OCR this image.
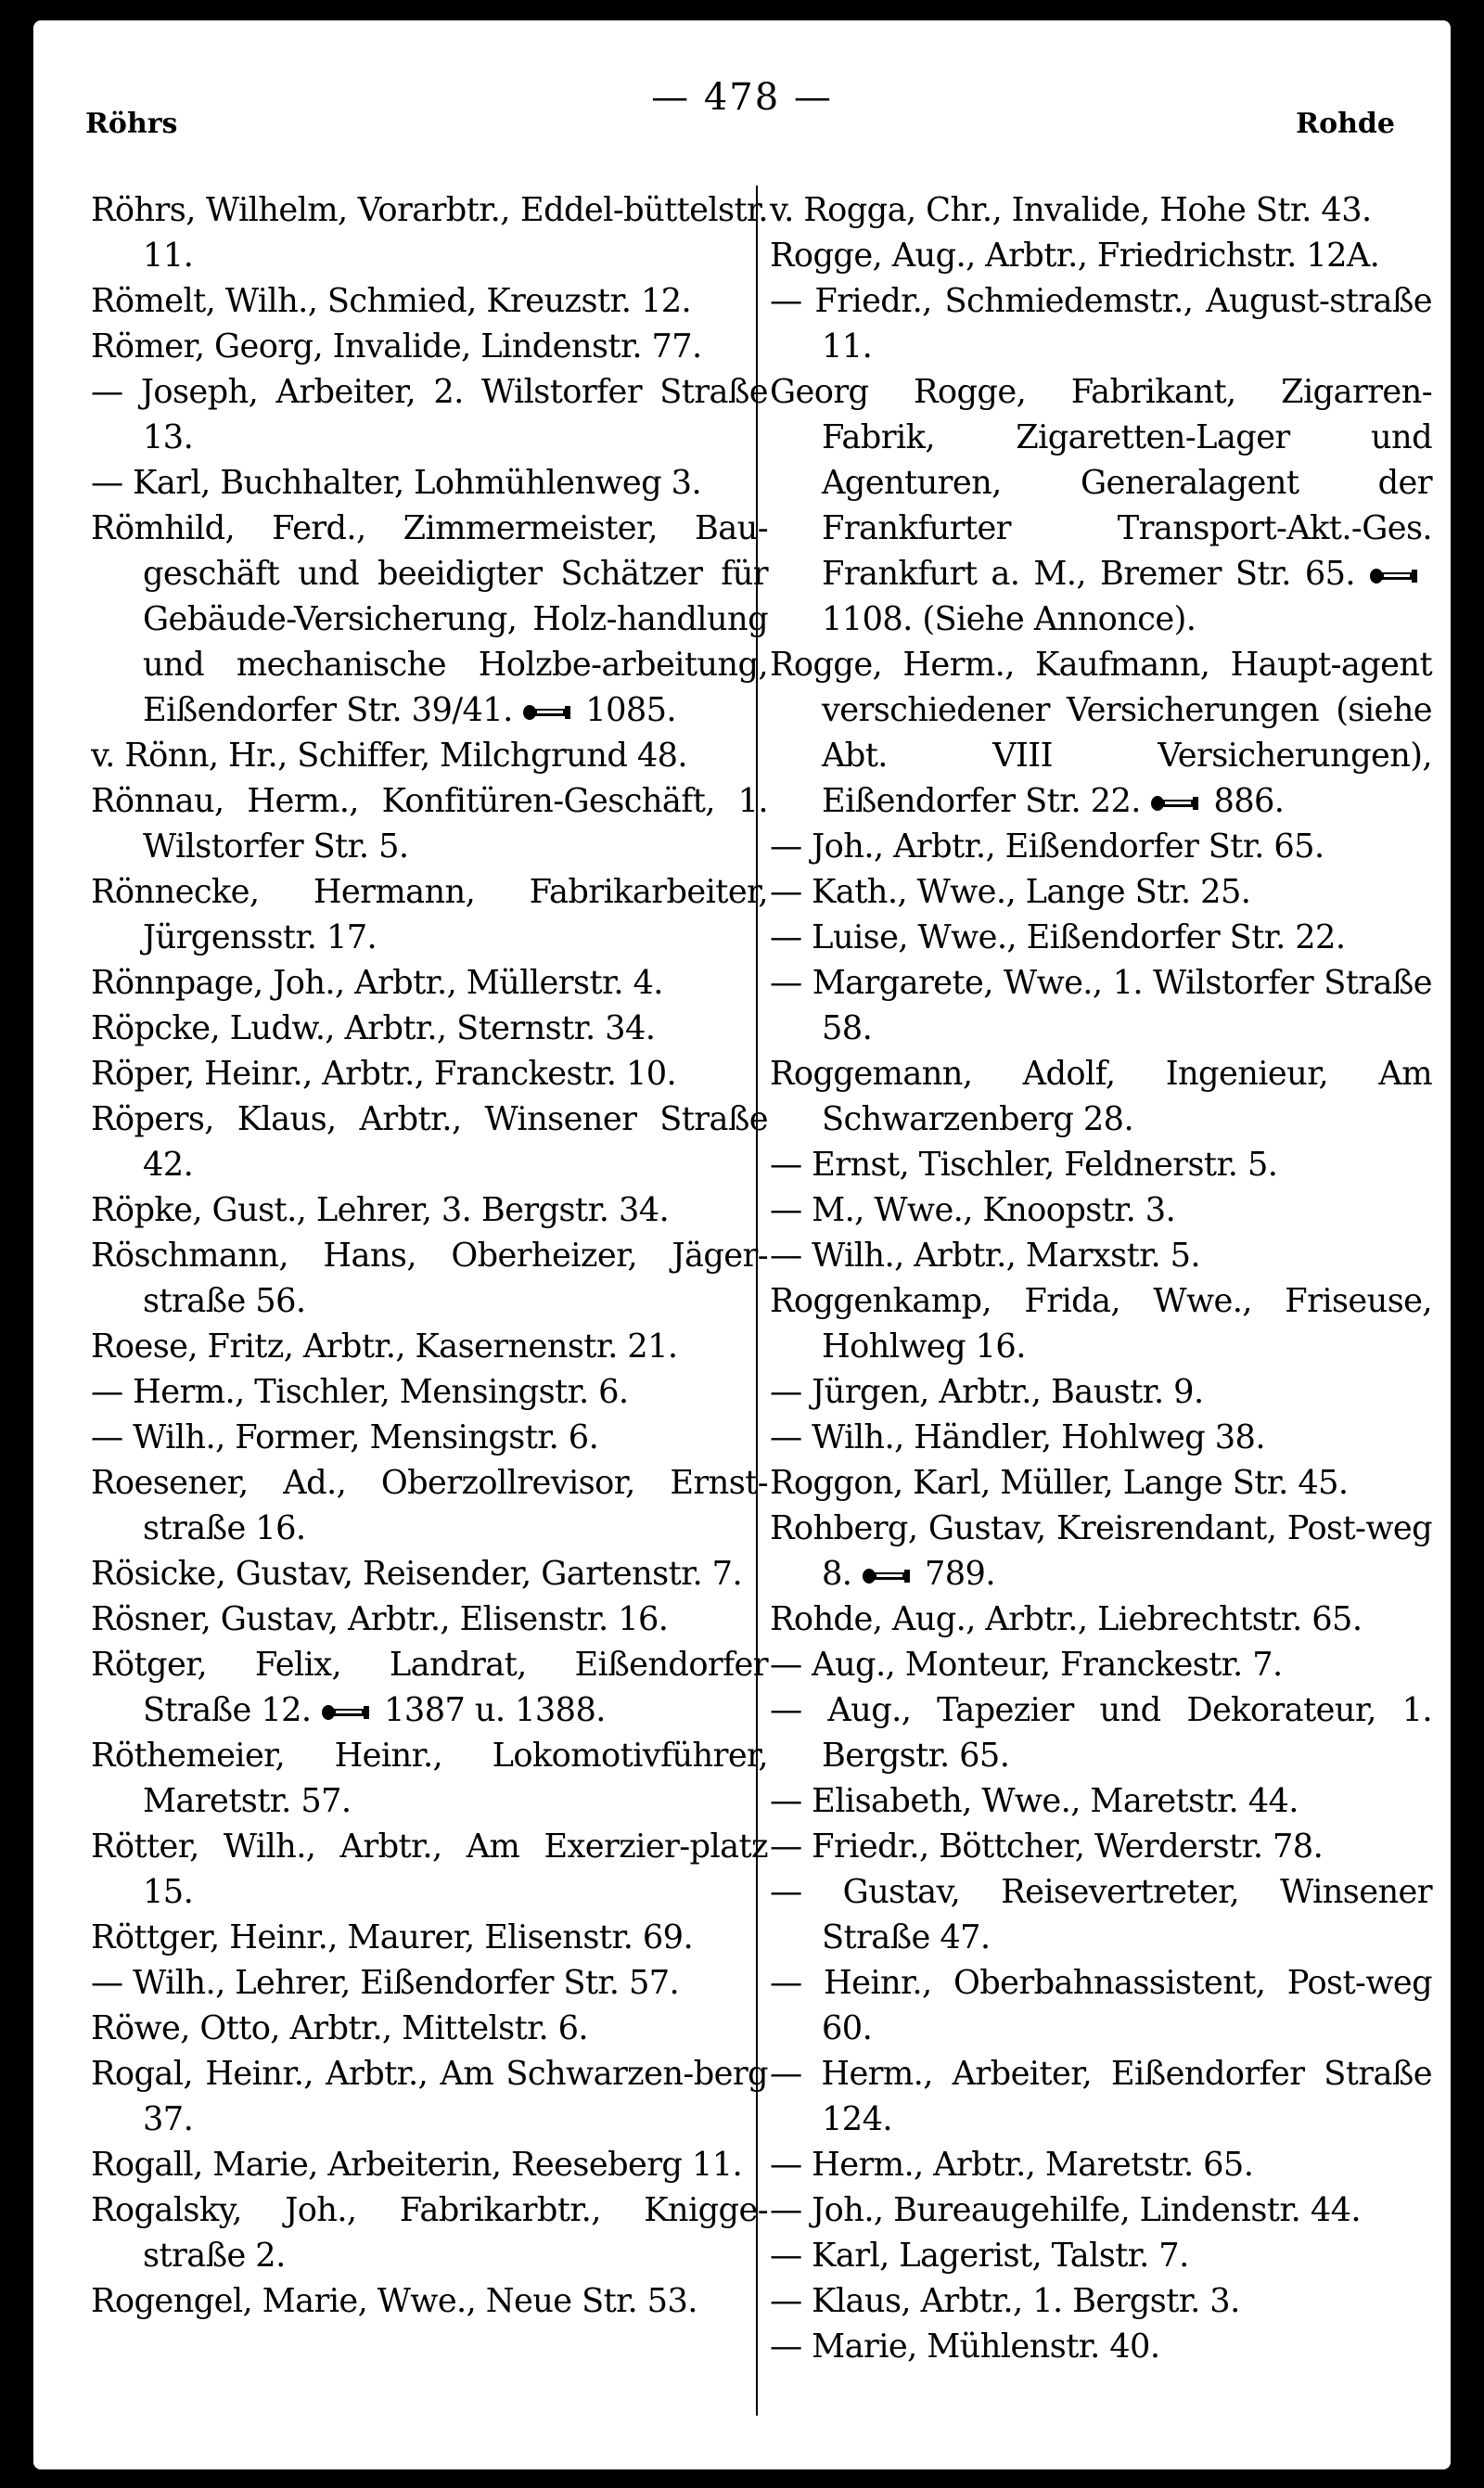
Röhrs
— 478 —
Rohde
Röhrs, Wilhelm, Vorarbtr., Eddel-büttelstr. 11.
Römelt, Wilh., Schmied, Kreuzstr. 12.
Römer, Georg, Invalide, Lindenstr. 77.
— Joseph, Arbeiter, 2. Wilstorfer Straße 13.
— Karl, Buchhalter, Lohmühlenweg 3.
Römhild, Ferd., Zimmermeister, Bau-geschäft und beeidigter Schätzer für Gebäude-Versicherung, Holz-handlung und mechanische Holzbe-arbeitung, Eißendorfer Str. 39/41. 1085.
v. Rönn, Hr., Schiffer, Milchgrund 48.
Rönnau, Herm., Konfitüren-Geschäft, 1. Wilstorfer Str. 5.
Rönnecke, Hermann, Fabrikarbeiter, Jürgensstr. 17.
Rönnpage, Joh., Arbtr., Müllerstr. 4.
Röpcke, Ludw., Arbtr., Sternstr. 34.
Röper, Heinr., Arbtr., Franckestr. 10.
Röpers, Klaus, Arbtr., Winsener Straße 42.
Röpke, Gust., Lehrer, 3. Bergstr. 34.
Röschmann, Hans, Oberheizer, Jäger-straße 56.
Roese, Fritz, Arbtr., Kasernenstr. 21.
— Herm., Tischler, Mensingstr. 6.
— Wilh., Former, Mensingstr. 6.
Roesener, Ad., Oberzollrevisor, Ernst-straße 16.
Rösicke, Gustav, Reisender, Gartenstr. 7.
Rösner, Gustav, Arbtr., Elisenstr. 16.
Rötger, Felix, Landrat, Eißendorfer Straße 12. 1387 u. 1388.
Röthemeier, Heinr., Lokomotivführer, Maretstr. 57.
Rötter, Wilh., Arbtr., Am Exerzier-platz 15.
Röttger, Heinr., Maurer, Elisenstr. 69.
— Wilh., Lehrer, Eißendorfer Str. 57.
Röwe, Otto, Arbtr., Mittelstr. 6.
Rogal, Heinr., Arbtr., Am Schwarzen-berg 37.
Rogall, Marie, Arbeiterin, Reeseberg 11.
Rogalsky, Joh., Fabrikarbtr., Knigge-straße 2.
Rogengel, Marie, Wwe., Neue Str. 53.
v. Rogga, Chr., Invalide, Hohe Str. 43.
Rogge, Aug., Arbtr., Friedrichstr. 12A.
— Friedr., Schmiedemstr., August-straße 11.
Georg Rogge, Fabrikant, Zigarren-Fabrik, Zigaretten-Lager und Agenturen, Generalagent der Frankfurter Transport-Akt.-Ges. Frankfurt a. M., Bremer Str. 65.
1108. (Siehe Annonce).
Rogge, Herm., Kaufmann, Haupt-agent verschiedener Versicherungen (siehe Abt. VIII Versicherungen), Eißendorfer Str. 22. 886.
— Joh., Arbtr., Eißendorfer Str. 65.
— Kath., Wwe., Lange Str. 25.
— Luise, Wwe., Eißendorfer Str. 22.
— Margarete, Wwe., 1. Wilstorfer Straße 58.
Roggemann, Adolf, Ingenieur, Am Schwarzenberg 28.
— Ernst, Tischler, Feldnerstr. 5.
— M., Wwe., Knoopstr. 3.
— Wilh., Arbtr., Marxstr. 5.
Roggenkamp, Frida, Wwe., Friseuse, Hohlweg 16.
— Jürgen, Arbtr., Baustr. 9.
— Wilh., Händler, Hohlweg 38.
Roggon, Karl, Müller, Lange Str. 45.
Rohberg, Gustav, Kreisrendant, Post-weg 8. 789.
Rohde, Aug., Arbtr., Liebrechtstr. 65.
— Aug., Monteur, Franckestr. 7.
— Aug., Tapezier und Dekorateur, 1. Bergstr. 65.
— Elisabeth, Wwe., Maretstr. 44.
— Friedr., Böttcher, Werderstr. 78.
— Gustav, Reisevertreter, Winsener Straße 47.
— Heinr., Oberbahnassistent, Post-weg 60.
— Herm., Arbeiter, Eißendorfer Straße 124.
— Herm., Arbtr., Maretstr. 65.
— Joh., Bureaugehilfe, Lindenstr. 44.
— Karl, Lagerist, Talstr. 7.
— Klaus, Arbtr., 1. Bergstr. 3.
— Marie, Mühlenstr. 40.
